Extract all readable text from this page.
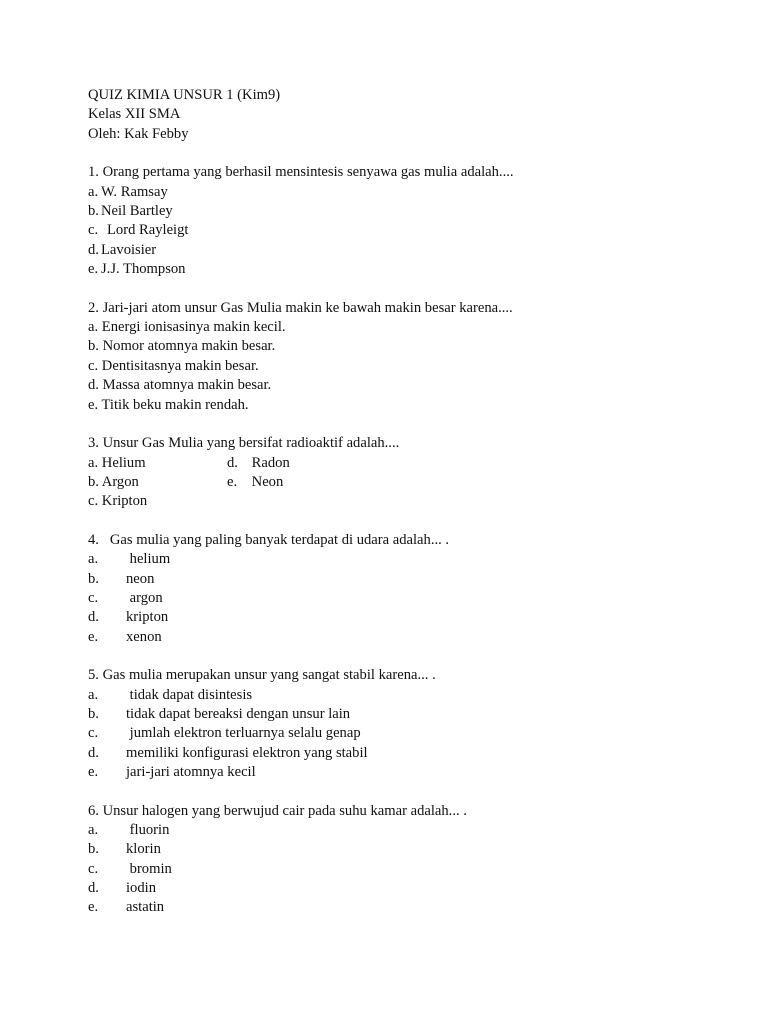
QUIZ KIMIA UNSUR 1 (Kim9)
Kelas XII SMA
Oleh: Kak Febby
1. Orang pertama yang berhasil mensintesis senyawa gas mulia adalah....
a. W. Ramsay
b. Neil Bartley
c. Lord Rayleigt
d. Lavoisier
e. J.J. Thompson
2. Jari-jari atom unsur Gas Mulia makin ke bawah makin besar karena....
a. Energi ionisasinya makin kecil.
b. Nomor atomnya makin besar.
c. Dentisitasnya makin besar.
d. Massa atomnya makin besar.
e. Titik beku makin rendah.
3. Unsur Gas Mulia yang bersifat radioaktif adalah....
a. Helium	d. Radon
b. Argon	e. Neon
c. Kripton
4.   Gas mulia yang paling banyak terdapat di udara adalah... .
a. helium
b. neon
c. argon
d. kripton
e. xenon
5. Gas mulia merupakan unsur yang sangat stabil karena... .
a. tidak dapat disintesis
b. tidak dapat bereaksi dengan unsur lain
c. jumlah elektron terluarnya selalu genap
d. memiliki konfigurasi elektron yang stabil
e. jari-jari atomnya kecil
6. Unsur halogen yang berwujud cair pada suhu kamar adalah... .
a. fluorin
b. klorin
c. bromin
d. iodin
e. astatin
